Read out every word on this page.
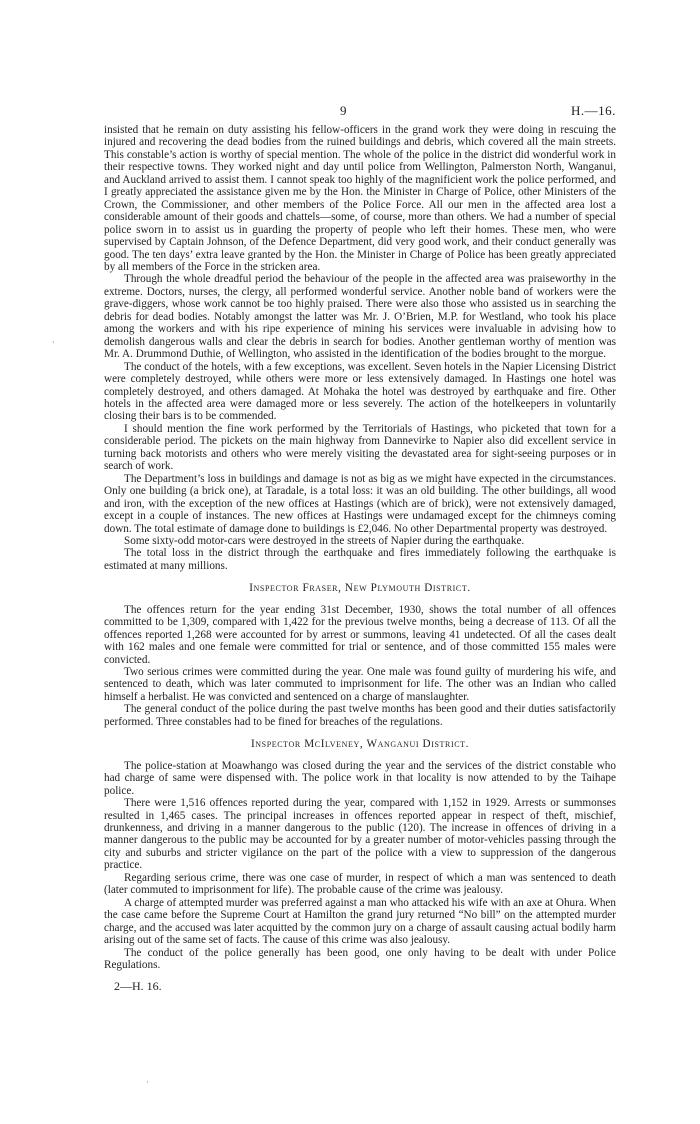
9	H.—16.

insisted that he remain on duty assisting his fellow-officers in the grand work they were doing in rescuing the injured and recovering the dead bodies from the ruined buildings and debris, which covered all the main streets. This constable’s action is worthy of special mention. The whole of the police in the district did wonderful work in their respective towns. They worked night and day until police from Wellington, Palmerston North, Wanganui, and Auckland arrived to assist them. I cannot speak too highly of the magnificient work the police performed, and I greatly appreciated the assistance given me by the Hon. the Minister in Charge of Police, other Ministers of the Crown, the Commissioner, and other members of the Police Force. All our men in the affected area lost a considerable amount of their goods and chattels—some, of course, more than others. We had a number of special police sworn in to assist us in guarding the property of people who left their homes. These men, who were supervised by Captain Johnson, of the Defence Department, did very good work, and their conduct generally was good. The ten days’ extra leave granted by the Hon. the Minister in Charge of Police has been greatly appreciated by all members of the Force in the stricken area.

Through the whole dreadful period the behaviour of the people in the affected area was praiseworthy in the extreme. Doctors, nurses, the clergy, all performed wonderful service. Another noble band of workers were the grave-diggers, whose work cannot be too highly praised. There were also those who assisted us in searching the debris for dead bodies. Notably amongst the latter was Mr. J. O’Brien, M.P. for Westland, who took his place among the workers and with his ripe experience of mining his services were invaluable in advising how to demolish dangerous walls and clear the debris in search for bodies. Another gentleman worthy of mention was Mr. A. Drummond Duthie, of Wellington, who assisted in the identification of the bodies brought to the morgue.

The conduct of the hotels, with a few exceptions, was excellent. Seven hotels in the Napier Licensing District were completely destroyed, while others were more or less extensively damaged. In Hastings one hotel was completely destroyed, and others damaged. At Mohaka the hotel was destroyed by earthquake and fire. Other hotels in the affected area were damaged more or less severely. The action of the hotelkeepers in voluntarily closing their bars is to be commended.

I should mention the fine work performed by the Territorials of Hastings, who picketed that town for a considerable period. The pickets on the main highway from Dannevirke to Napier also did excellent service in turning back motorists and others who were merely visiting the devastated area for sight-seeing purposes or in search of work.

The Department’s loss in buildings and damage is not as big as we might have expected in the circumstances. Only one building (a brick one), at Taradale, is a total loss: it was an old building. The other buildings, all wood and iron, with the exception of the new offices at Hastings (which are of brick), were not extensively damaged, except in a couple of instances. The new offices at Hastings were undamaged except for the chimneys coming down. The total estimate of damage done to buildings is £2,046. No other Departmental property was destroyed.

Some sixty-odd motor-cars were destroyed in the streets of Napier during the earthquake.

The total loss in the district through the earthquake and fires immediately following the earthquake is estimated at many millions.

Inspector Fraser, New Plymouth District.

The offences return for the year ending 31st December, 1930, shows the total number of all offences committed to be 1,309, compared with 1,422 for the previous twelve months, being a decrease of 113. Of all the offences reported 1,268 were accounted for by arrest or summons, leaving 41 undetected. Of all the cases dealt with 162 males and one female were committed for trial or sentence, and of those committed 155 males were convicted.

Two serious crimes were committed during the year. One male was found guilty of murdering his wife, and sentenced to death, which was later commuted to imprisonment for life. The other was an Indian who called himself a herbalist. He was convicted and sentenced on a charge of manslaughter.

The general conduct of the police during the past twelve months has been good and their duties satisfactorily performed. Three constables had to be fined for breaches of the regulations.

Inspector McIlveney, Wanganui District.

The police-station at Moawhango was closed during the year and the services of the district constable who had charge of same were dispensed with. The police work in that locality is now attended to by the Taihape police.

There were 1,516 offences reported during the year, compared with 1,152 in 1929. Arrests or summonses resulted in 1,465 cases. The principal increases in offences reported appear in respect of theft, mischief, drunkenness, and driving in a manner dangerous to the public (120). The increase in offences of driving in a manner dangerous to the public may be accounted for by a greater number of motor-vehicles passing through the city and suburbs and stricter vigilance on the part of the police with a view to suppression of the dangerous practice.

Regarding serious crime, there was one case of murder, in respect of which a man was sentenced to death (later commuted to imprisonment for life). The probable cause of the crime was jealousy.

A charge of attempted murder was preferred against a man who attacked his wife with an axe at Ohura. When the case came before the Supreme Court at Hamilton the grand jury returned “No bill” on the attempted murder charge, and the accused was later acquitted by the common jury on a charge of assault causing actual bodily harm arising out of the same set of facts. The cause of this crime was also jealousy.

The conduct of the police generally has been good, one only having to be dealt with under Police Regulations.

2—H. 16.
·
·
